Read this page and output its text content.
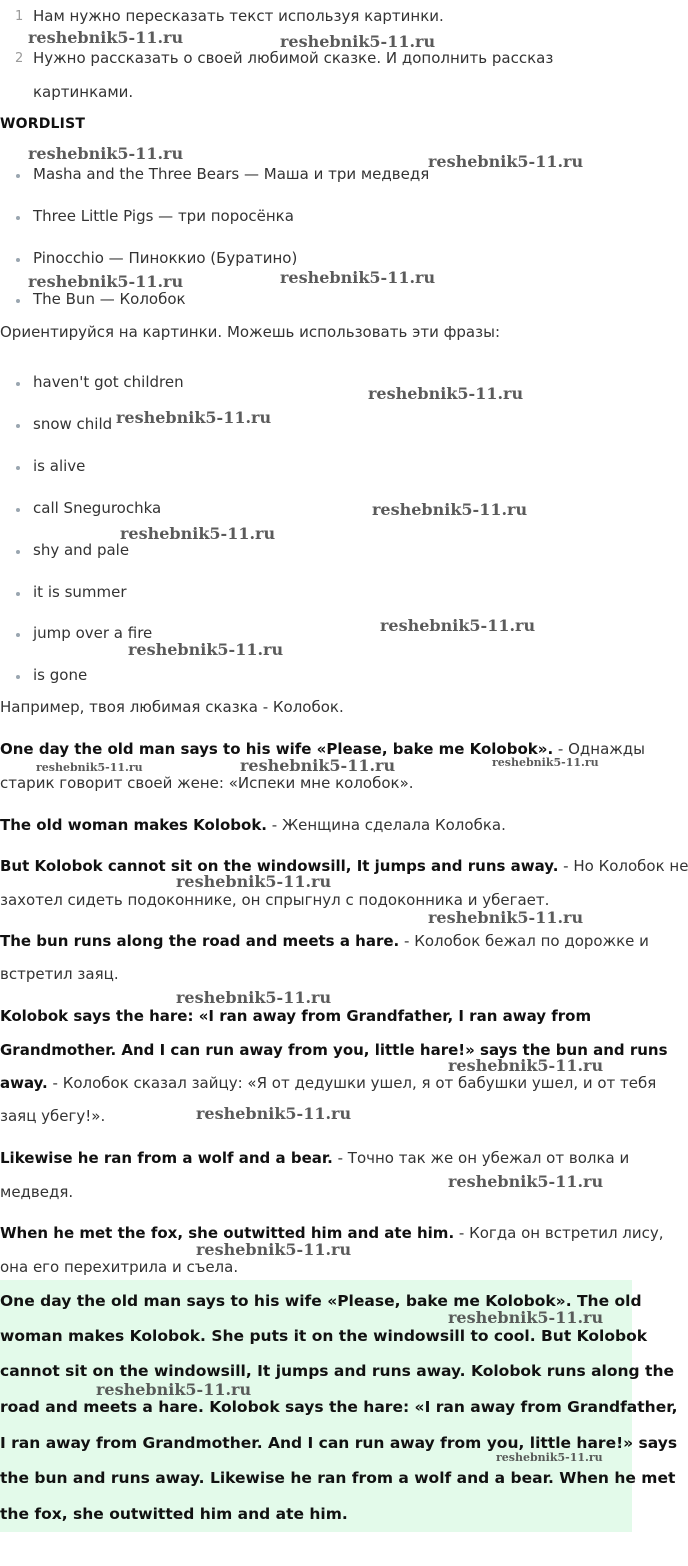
1 Нам нужно пересказать текст используя картинки.
2 Нужно рассказать о своей любимой сказке. И дополнить рассказ
картинками.
WORDLIST
Masha and the Three Bears — Маша и три медведя
Three Little Pigs — три поросёнка
Pinocchio — Пиноккио (Буратино)
The Bun — Колобок
Ориентируйся на картинки. Можешь использовать эти фразы:
haven't got children
snow child
is alive
call Snegurochka
shy and pale
it is summer
jump over a fire
is gone
Например, твоя любимая сказка - Колобок.
One day the old man says to his wife «Please, bake me Kolobok». - Однажды
старик говорит своей жене: «Испеки мне колобок».
The old woman makes Kolobok. - Женщина сделала Колобка.
But Kolobok cannot sit on the windowsill, It jumps and runs away. - Но Колобок не
захотел сидеть подоконнике, он спрыгнул с подоконника и убегает.
The bun runs along the road and meets a hare. - Колобок бежал по дорожке и
встретил заяц.
Kolobok says the hare: «I ran away from Grandfather, I ran away from
Grandmother. And I can run away from you, little hare!» says the bun and runs
away. - Колобок сказал зайцу: «Я от дедушки ушел, я от бабушки ушел, и от тебя
заяц убегу!».
Likewise he ran from a wolf and a bear. - Точно так же он убежал от волка и
медведя.
When he met the fox, she outwitted him and ate him. - Когда он встретил лису,
она его перехитрила и съела.
One day the old man says to his wife «Please, bake me Kolobok». The old
woman makes Kolobok. She puts it on the windowsill to cool. But Kolobok
cannot sit on the windowsill, It jumps and runs away. Kolobok runs along the
road and meets a hare. Kolobok says the hare: «I ran away from Grandfather,
I ran away from Grandmother. And I can run away from you, little hare!» says
the bun and runs away. Likewise he ran from a wolf and a bear. When he met
the fox, she outwitted him and ate him.
reshebnik5-11.ru	reshebnik5-11.ru
reshebnik5-11.ru	reshebnik5-11.ru
reshebnik5-11.ru	reshebnik5-11.ru
reshebnik5-11.ru
reshebnik5-11.ru
reshebnik5-11.ru
reshebnik5-11.ru
reshebnik5-11.ru
reshebnik5-11.ru
reshebnik5-11.ru	reshebnik5-11.ru	reshebnik5-11.ru
reshebnik5-11.ru
reshebnik5-11.ru
reshebnik5-11.ru
reshebnik5-11.ru
reshebnik5-11.ru
reshebnik5-11.ru
reshebnik5-11.ru
reshebnik5-11.ru
reshebnik5-11.ru
reshebnik5-11.ru
